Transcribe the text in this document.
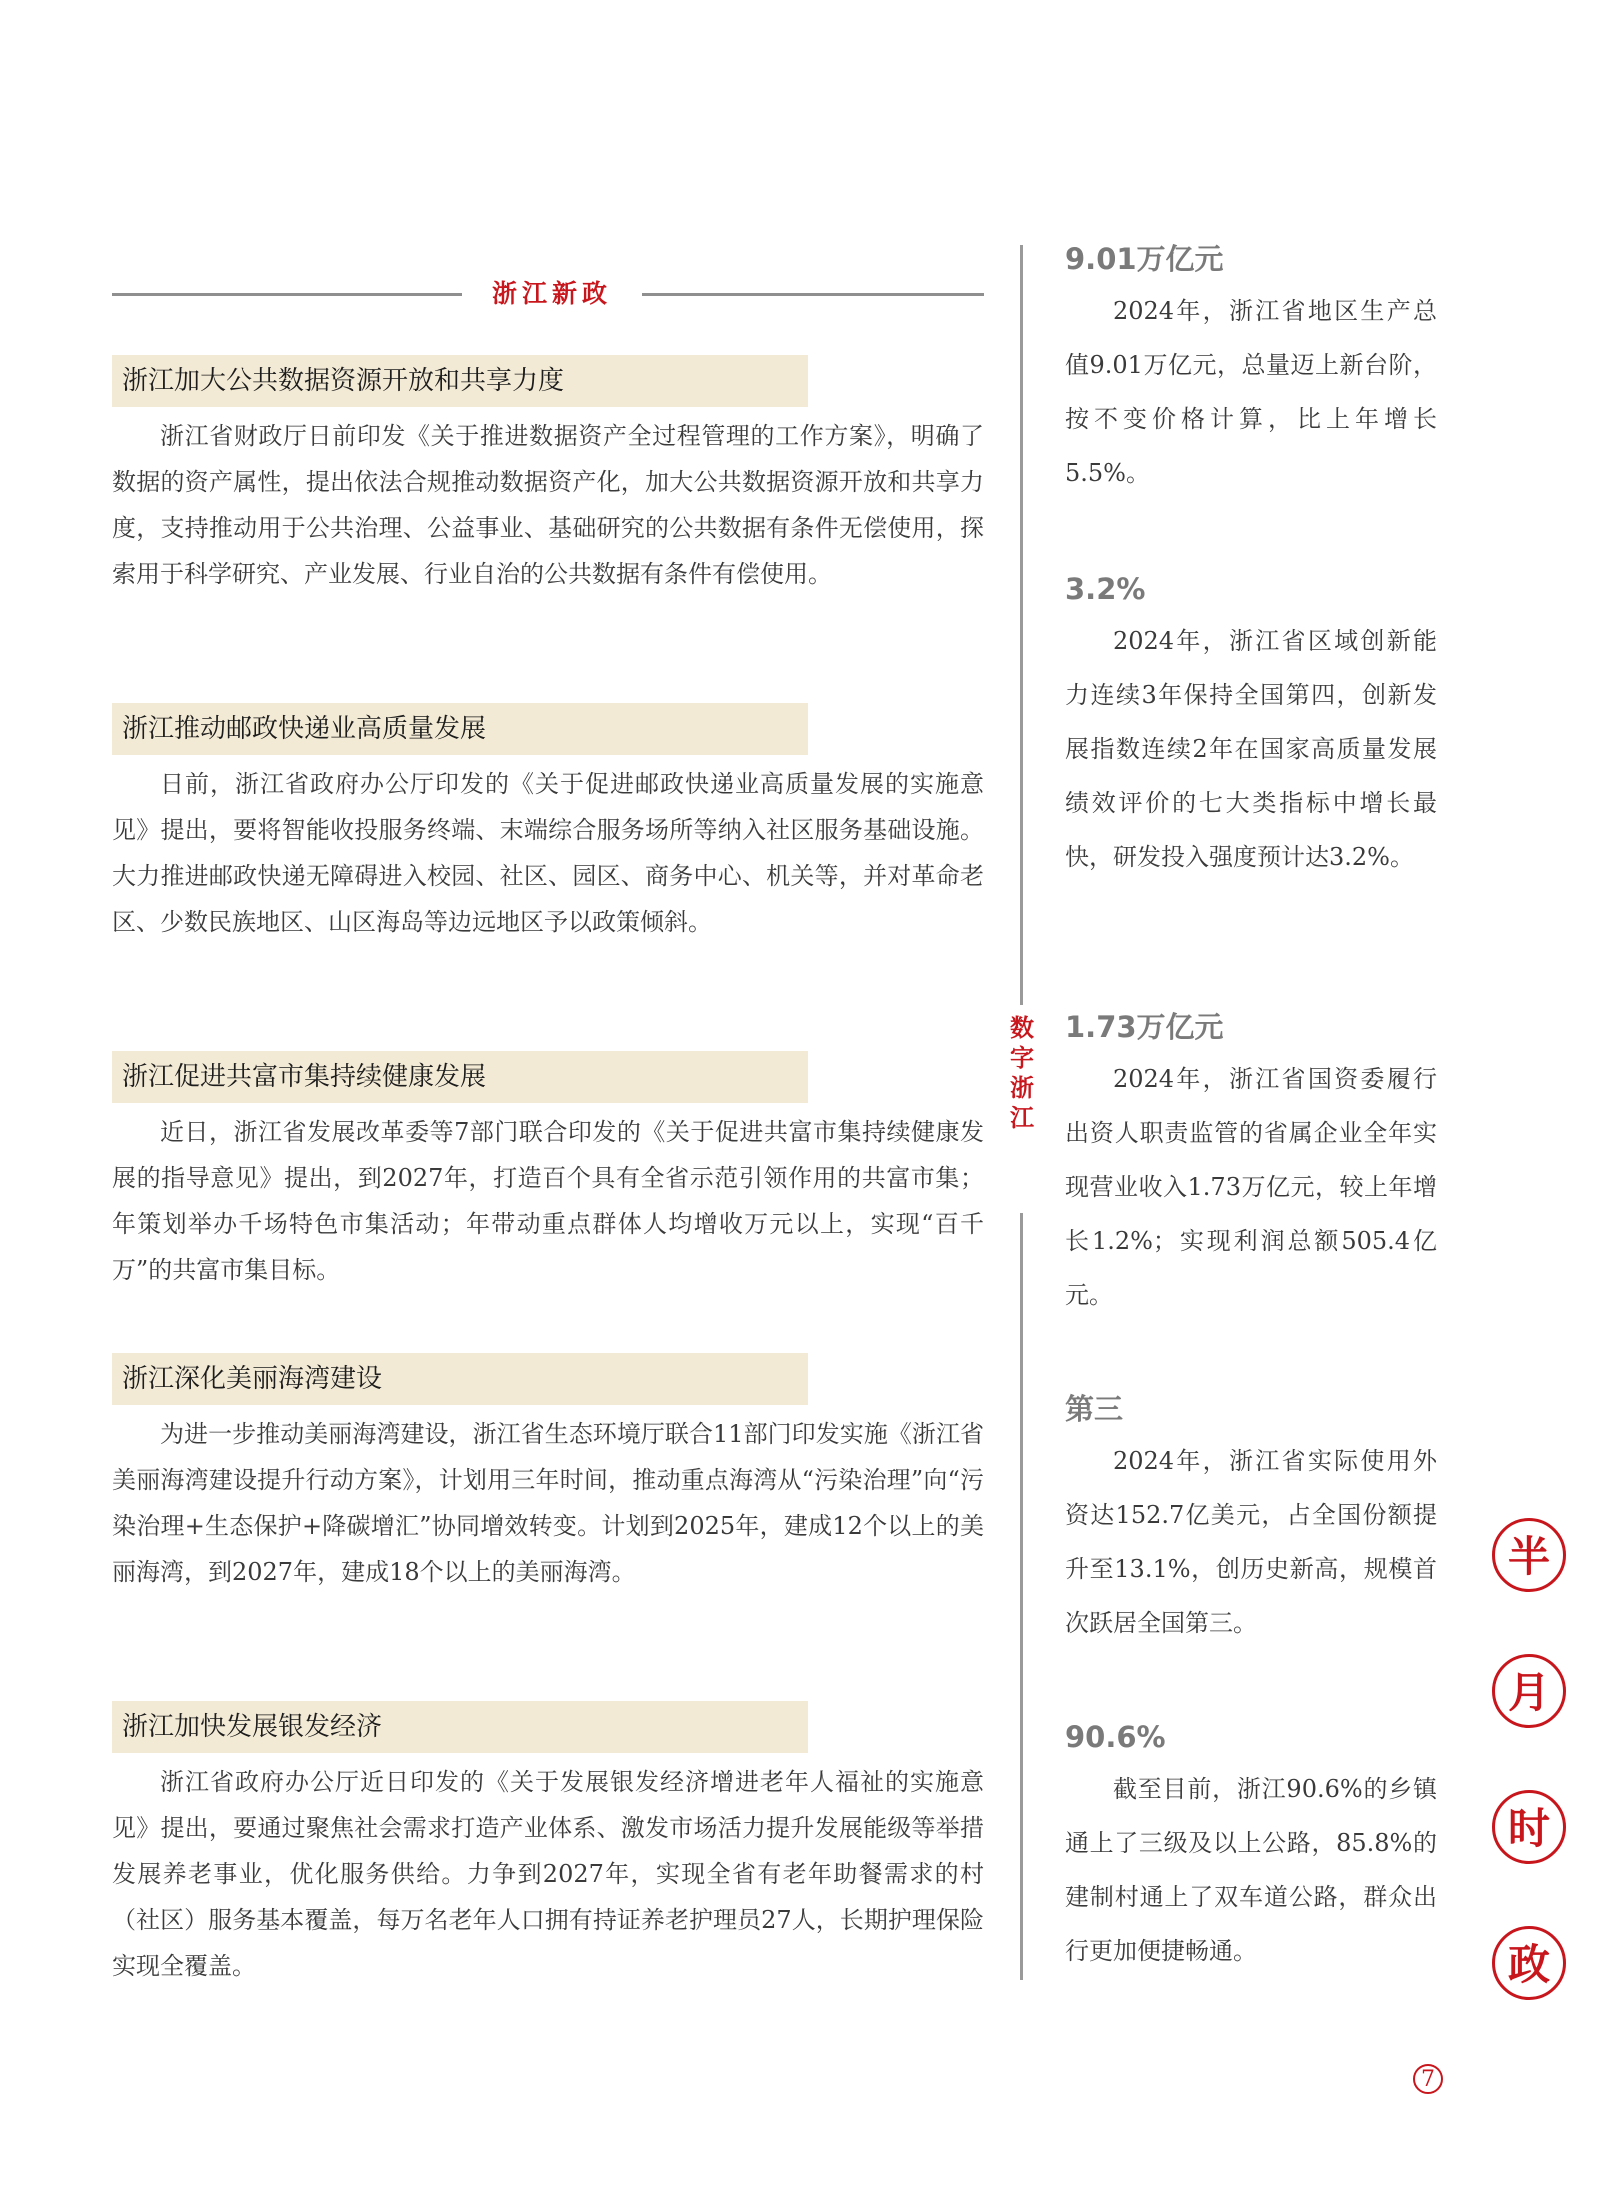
浙江新政
浙江加大公共数据资源开放和共享力度

浙江省财政厅日前印发《关于推进数据资产全过程管理的工作方案》，明确了数据的资产属性，提出依法合规推动数据资产化，加大公共数据资源开放和共享力度，支持推动用于公共治理、公益事业、基础研究的公共数据有条件无偿使用，探索用于科学研究、产业发展、行业自治的公共数据有条件有偿使用。

浙江推动邮政快递业高质量发展

日前，浙江省政府办公厅印发的《关于促进邮政快递业高质量发展的实施意见》提出，要将智能收投服务终端、末端综合服务场所等纳入社区服务基础设施。大力推进邮政快递无障碍进入校园、社区、园区、商务中心、机关等，并对革命老区、少数民族地区、山区海岛等边远地区予以政策倾斜。

浙江促进共富市集持续健康发展

近日，浙江省发展改革委等7部门联合印发的《关于促进共富市集持续健康发展的指导意见》提出，到2027年，打造百个具有全省示范引领作用的共富市集；年策划举办千场特色市集活动；年带动重点群体人均增收万元以上，实现“百千万”的共富市集目标。

浙江深化美丽海湾建设

为进一步推动美丽海湾建设，浙江省生态环境厅联合11部门印发实施《浙江省美丽海湾建设提升行动方案》，计划用三年时间，推动重点海湾从“污染治理”向“污染治理+生态保护+降碳增汇”协同增效转变。计划到2025年，建成12个以上的美丽海湾，到2027年，建成18个以上的美丽海湾。

浙江加快发展银发经济

浙江省政府办公厅近日印发的《关于发展银发经济增进老年人福祉的实施意见》提出，要通过聚焦社会需求打造产业体系、激发市场活力提升发展能级等举措发展养老事业，优化服务供给。力争到2027年，实现全省有老年助餐需求的村（社区）服务基本覆盖，每万名老年人口拥有持证养老护理员27人，长期护理保险实现全覆盖。

数字浙江
9.01万亿元

2024年，浙江省地区生产总值9.01万亿元，总量迈上新台阶，按不变价格计算，比上年增长5.5%。

3.2%

2024年，浙江省区域创新能力连续3年保持全国第四，创新发展指数连续2年在国家高质量发展绩效评价的七大类指标中增长最快，研发投入强度预计达3.2%。

1.73万亿元

2024年，浙江省国资委履行出资人职责监管的省属企业全年实现营业收入1.73万亿元，较上年增长1.2%；实现利润总额505.4亿元。

第三

2024年，浙江省实际使用外资达152.7亿美元，占全国份额提升至13.1%，创历史新高，规模首次跃居全国第三。

90.6%

截至目前，浙江90.6%的乡镇通上了三级及以上公路，85.8%的建制村通上了双车道公路，群众出行更加便捷畅通。

半
月
时
政
7
